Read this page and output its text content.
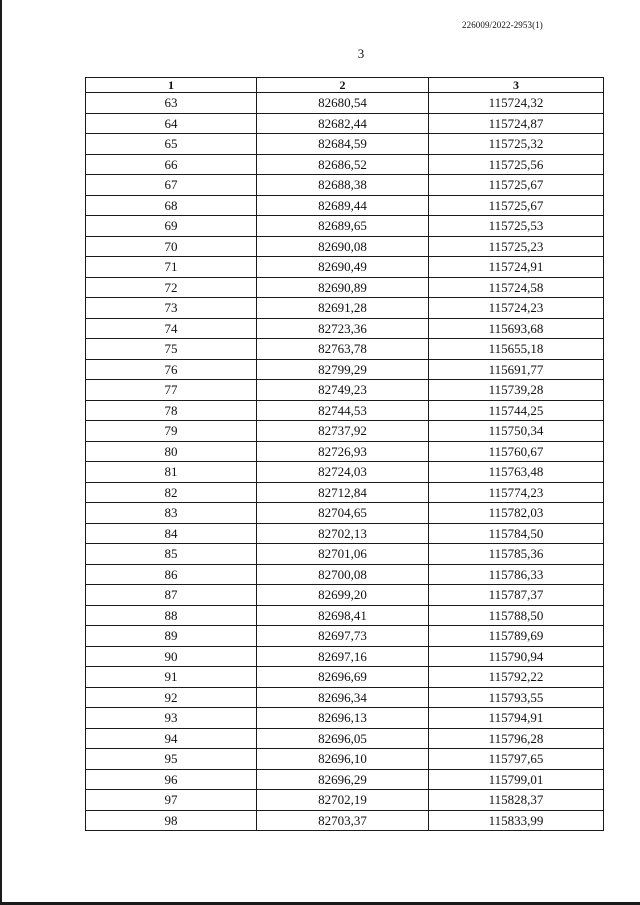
226009/2022-2953(1)
3
1	2	3
63	82680,54	115724,32
64	82682,44	115724,87
65	82684,59	115725,32
66	82686,52	115725,56
67	82688,38	115725,67
68	82689,44	115725,67
69	82689,65	115725,53
70	82690,08	115725,23
71	82690,49	115724,91
72	82690,89	115724,58
73	82691,28	115724,23
74	82723,36	115693,68
75	82763,78	115655,18
76	82799,29	115691,77
77	82749,23	115739,28
78	82744,53	115744,25
79	82737,92	115750,34
80	82726,93	115760,67
81	82724,03	115763,48
82	82712,84	115774,23
83	82704,65	115782,03
84	82702,13	115784,50
85	82701,06	115785,36
86	82700,08	115786,33
87	82699,20	115787,37
88	82698,41	115788,50
89	82697,73	115789,69
90	82697,16	115790,94
91	82696,69	115792,22
92	82696,34	115793,55
93	82696,13	115794,91
94	82696,05	115796,28
95	82696,10	115797,65
96	82696,29	115799,01
97	82702,19	115828,37
98	82703,37	115833,99
